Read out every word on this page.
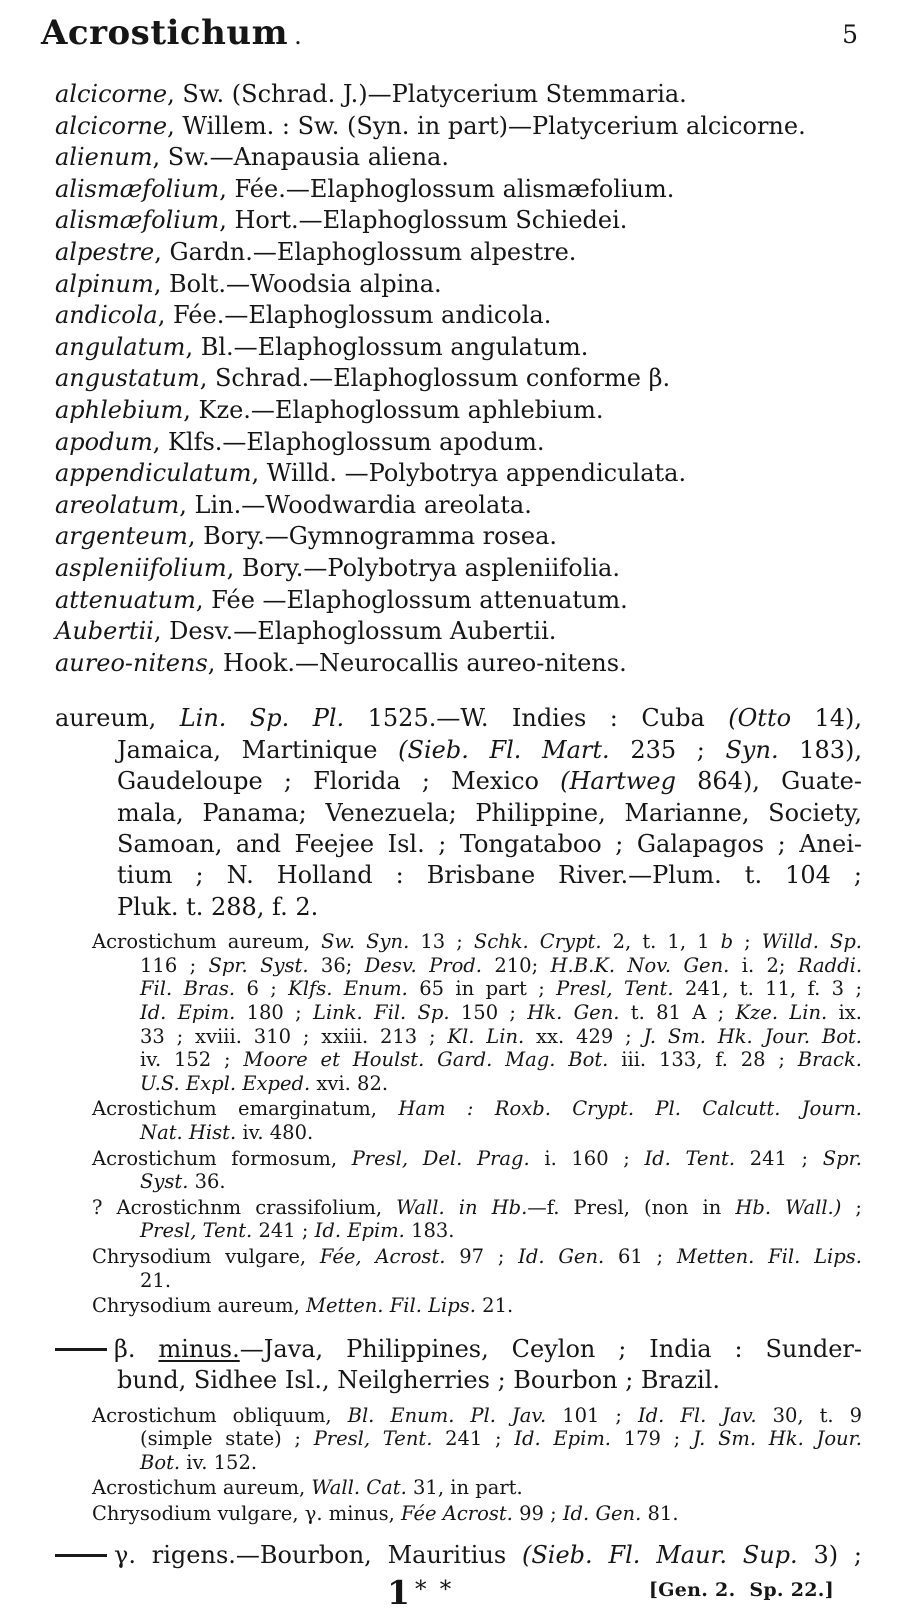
Acrostichum .	5
alcicorne, Sw. (Schrad. J.)—Platycerium Stemmaria.
alcicorne, Willem. : Sw. (Syn. in part)—Platycerium alcicorne.
alienum, Sw.—Anapausia aliena.
alismæfolium, Fée.—Elaphoglossum alismæfolium.
alismæfolium, Hort.—Elaphoglossum Schiedei.
alpestre, Gardn.—Elaphoglossum alpestre.
alpinum, Bolt.—Woodsia alpina.
andicola, Fée.—Elaphoglossum andicola.
angulatum, Bl.—Elaphoglossum angulatum.
angustatum, Schrad.—Elaphoglossum conforme β.
aphlebium, Kze.—Elaphoglossum aphlebium.
apodum, Klfs.—Elaphoglossum apodum.
appendiculatum, Willd. —Polybotrya appendiculata.
areolatum, Lin.—Woodwardia areolata.
argenteum, Bory.—Gymnogramma rosea.
aspleniifolium, Bory.—Polybotrya aspleniifolia.
attenuatum, Fée —Elaphoglossum attenuatum.
Aubertii, Desv.—Elaphoglossum Aubertii.
aureo-nitens, Hook.—Neurocallis aureo-nitens.
aureum, Lin. Sp. Pl. 1525.—W. Indies : Cuba (Otto 14),
Jamaica, Martinique (Sieb. Fl. Mart. 235 ; Syn. 183),
Gaudeloupe ; Florida ; Mexico (Hartweg 864), Guate-
mala, Panama; Venezuela; Philippine, Marianne, Society,
Samoan, and Feejee Isl. ; Tongataboo ; Galapagos ; Anei-
tium ; N. Holland : Brisbane River.—Plum. t. 104 ;
Pluk. t. 288, f. 2.
Acrostichum aureum, Sw. Syn. 13 ; Schk. Crypt. 2, t. 1, 1 b ; Willd. Sp.
116 ; Spr. Syst. 36; Desv. Prod. 210; H.B.K. Nov. Gen. i. 2; Raddi.
Fil. Bras. 6 ; Klfs. Enum. 65 in part ; Presl, Tent. 241, t. 11, f. 3 ;
Id. Epim. 180 ; Link. Fil. Sp. 150 ; Hk. Gen. t. 81 A ; Kze. Lin. ix.
33 ; xviii. 310 ; xxiii. 213 ; Kl. Lin. xx. 429 ; J. Sm. Hk. Jour. Bot.
iv. 152 ; Moore et Houlst. Gard. Mag. Bot. iii. 133, f. 28 ; Brack.
U.S. Expl. Exped. xvi. 82.
Acrostichum emarginatum, Ham : Roxb. Crypt. Pl. Calcutt. Journ.
Nat. Hist. iv. 480.
Acrostichum formosum, Presl, Del. Prag. i. 160 ; Id. Tent. 241 ; Spr.
Syst. 36.
? Acrostichnm crassifolium, Wall. in Hb.—f. Presl, (non in Hb. Wall.) ;
Presl, Tent. 241 ; Id. Epim. 183.
Chrysodium vulgare, Fée, Acrost. 97 ; Id. Gen. 61 ; Metten. Fil. Lips.
21.
Chrysodium aureum, Metten. Fil. Lips. 21.
β. minus.—Java, Philippines, Ceylon ; India : Sunder-
bund, Sidhee Isl., Neilgherries ; Bourbon ; Brazil.
Acrostichum obliquum, Bl. Enum. Pl. Jav. 101 ; Id. Fl. Jav. 30, t. 9
(simple state) ; Presl, Tent. 241 ; Id. Epim. 179 ; J. Sm. Hk. Jour.
Bot. iv. 152.
Acrostichum aureum, Wall. Cat. 31, in part.
Chrysodium vulgare, γ. minus, Fée Acrost. 99 ; Id. Gen. 81.
γ. rigens.—Bourbon, Mauritius (Sieb. Fl. Maur. Sup. 3) ;
1 * *	[Gen. 2.  Sp. 22.]
